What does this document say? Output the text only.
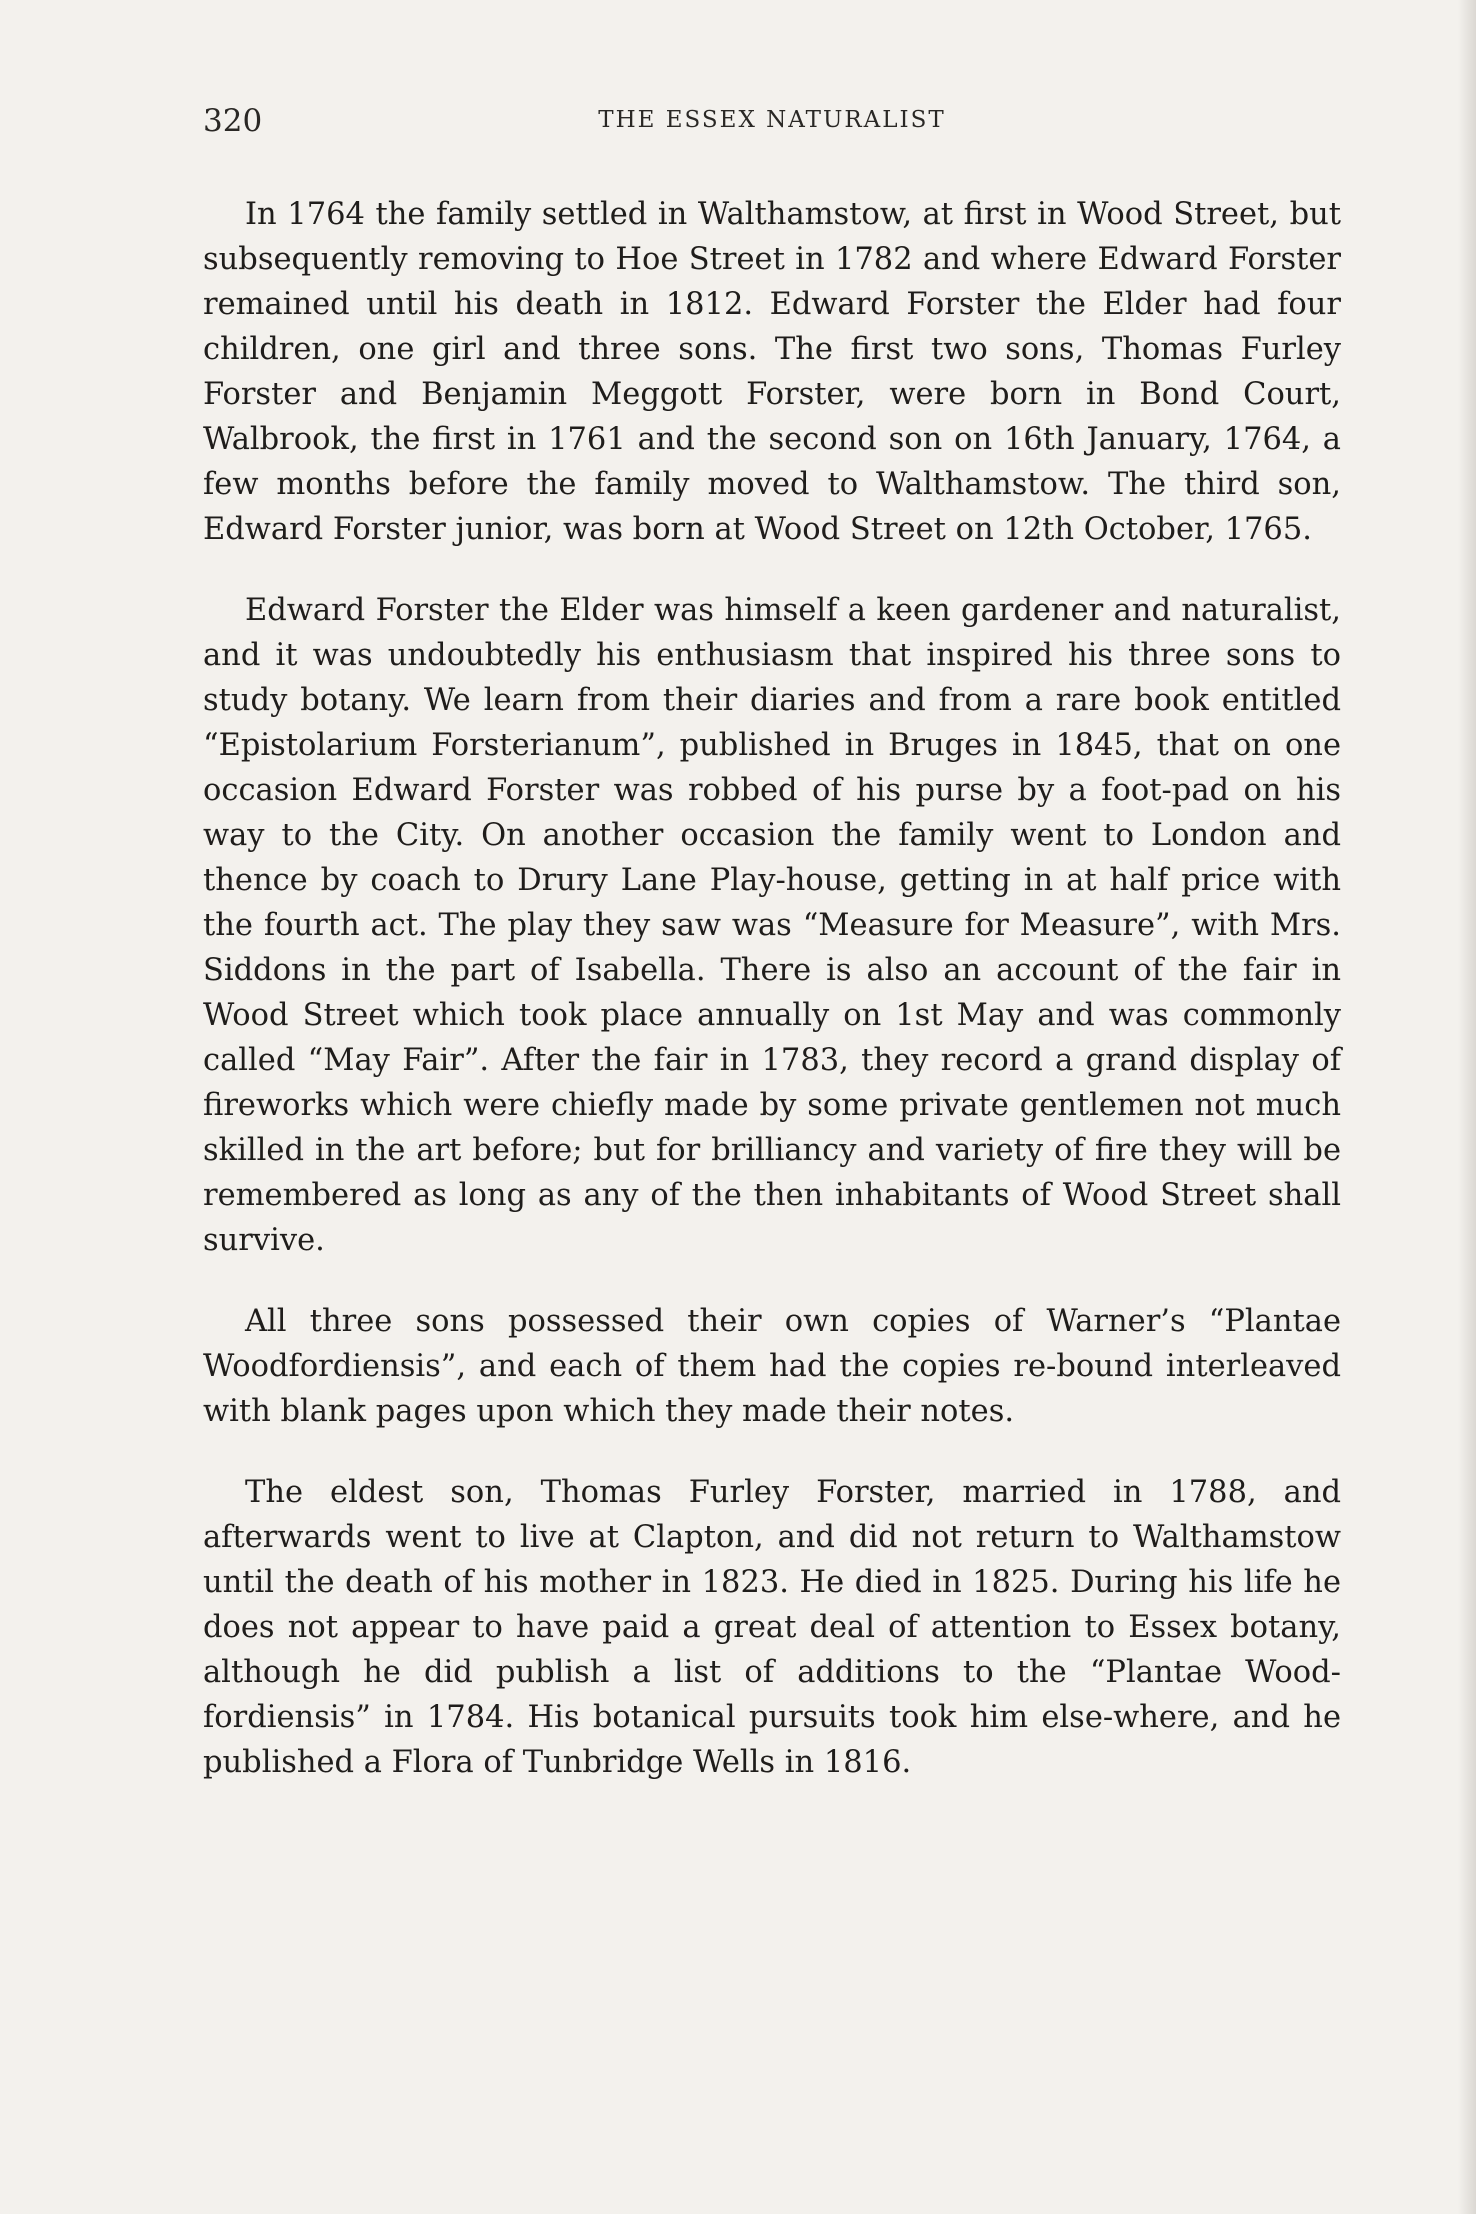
320	THE ESSEX NATURALIST

In 1764 the family settled in Walthamstow, at first in Wood Street, but subsequently removing to Hoe Street in 1782 and where Edward Forster remained until his death in 1812. Edward Forster the Elder had four children, one girl and three sons. The first two sons, Thomas Furley Forster and Benjamin Meggott Forster, were born in Bond Court, Walbrook, the first in 1761 and the second son on 16th January, 1764, a few months before the family moved to Walthamstow. The third son, Edward Forster junior, was born at Wood Street on 12th October, 1765.

Edward Forster the Elder was himself a keen gardener and naturalist, and it was undoubtedly his enthusiasm that inspired his three sons to study botany. We learn from their diaries and from a rare book entitled “Epistolarium Forsterianum”, published in Bruges in 1845, that on one occasion Edward Forster was robbed of his purse by a foot-pad on his way to the City. On another occasion the family went to London and thence by coach to Drury Lane Play-house, getting in at half price with the fourth act. The play they saw was “Measure for Measure”, with Mrs. Siddons in the part of Isabella. There is also an account of the fair in Wood Street which took place annually on 1st May and was commonly called “May Fair”. After the fair in 1783, they record a grand display of fireworks which were chiefly made by some private gentlemen not much skilled in the art before; but for brilliancy and variety of fire they will be remembered as long as any of the then inhabitants of Wood Street shall survive.

All three sons possessed their own copies of Warner’s “Plantae Woodfordiensis”, and each of them had the copies re-bound interleaved with blank pages upon which they made their notes.

The eldest son, Thomas Furley Forster, married in 1788, and afterwards went to live at Clapton, and did not return to Walthamstow until the death of his mother in 1823. He died in 1825. During his life he does not appear to have paid a great deal of attention to Essex botany, although he did publish a list of additions to the “Plantae Wood-fordiensis” in 1784. His botanical pursuits took him else-where, and he published a Flora of Tunbridge Wells in 1816.
